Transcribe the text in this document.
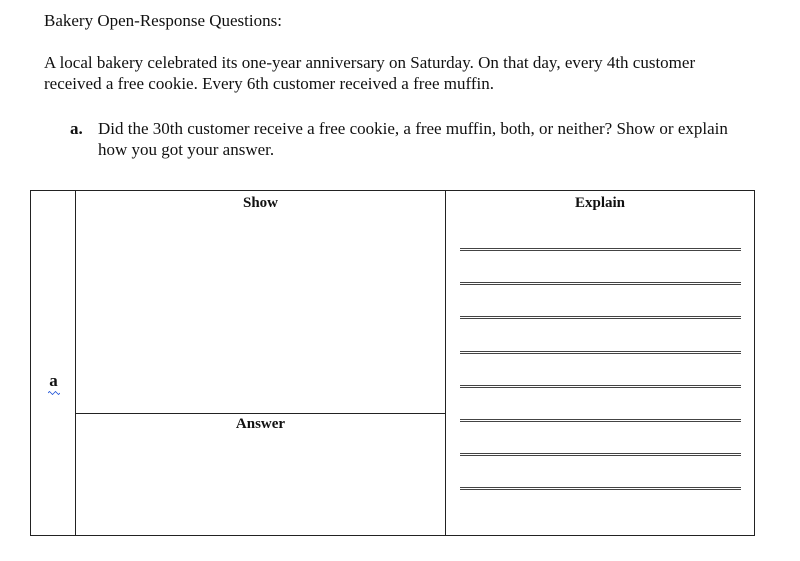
Bakery Open-Response Questions:

A local bakery celebrated its one-year anniversary on Saturday. On that day, every 4th customer received a free cookie. Every 6th customer received a free muffin.

a. Did the 30th customer receive a free cookie, a free muffin, both, or neither? Show or explain how you got your answer.
a
Show
Answer
Explain
